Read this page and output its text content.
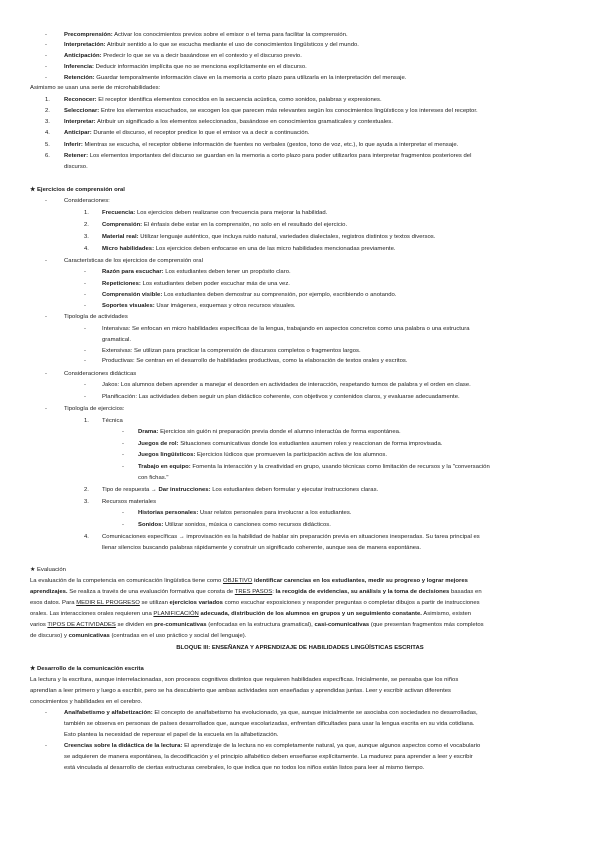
-	Precomprensión: Activar los conocimientos previos sobre el emisor o el tema para facilitar la comprensión.
-	Interpretación: Atribuir sentido a lo que se escucha mediante el uso de conocimientos lingüísticos y del mundo.
-	Anticipación: Predecir lo que se va a decir basándose en el contexto y el discurso previo.
-	Inferencia: Deducir información implícita que no se menciona explícitamente en el discurso.
-	Retención: Guardar temporalmente información clave en la memoria a corto plazo para utilizarla en la interpretación del mensaje.
Asimismo se usan una serie de microhabilidades:
1. Reconocer: El receptor identifica elementos conocidos en la secuencia acústica, como sonidos, palabras y expresiones.
2. Seleccionar: Entre los elementos escuchados, se escogen los que parecen más relevantes según los conocimientos lingüísticos y los intereses del receptor.
3. Interpretar: Atribuir un significado a los elementos seleccionados, basándose en conocimientos gramaticales y contextuales.
4. Anticipar: Durante el discurso, el receptor predice lo que el emisor va a decir a continuación.
5. Inferir: Mientras se escucha, el receptor obtiene información de fuentes no verbales (gestos, tono de voz, etc.), lo que ayuda a interpretar el mensaje.
6. Retener: Los elementos importantes del discurso se guardan en la memoria a corto plazo para poder utilizarlos para interpretar fragmentos posteriores del
discurso.
★ Ejercicios de comprensión oral
-	Consideraciones:
1. Frecuencia: Los ejercicios deben realizarse con frecuencia para mejorar la habilidad.
2. Comprensión: El énfasis debe estar en la comprensión, no solo en el resultado del ejercicio.
3. Material real: Utilizar lenguaje auténtico, que incluya ruido natural, variedades dialectales, registros distintos y textos diversos.
4. Micro habilidades: Los ejercicios deben enfocarse en una de las micro habilidades mencionadas previamente.
-	Características de los ejercicios de comprensión oral
-	Razón para escuchar: Los estudiantes deben tener un propósito claro.
-	Repeticiones: Los estudiantes deben poder escuchar más de una vez.
-	Comprensión visible: Los estudiantes deben demostrar su comprensión, por ejemplo, escribiendo o anotando.
-	Soportes visuales: Usar imágenes, esquemas y otros recursos visuales.
-	Tipología de actividades
-	Intensivas: Se enfocan en micro habilidades específicas de la lengua, trabajando en aspectos concretos como una palabra o una estructura
gramatical.
-	Extensivas: Se utilizan para practicar la comprensión de discursos completos o fragmentos largos.
-	Productivas: Se centran en el desarrollo de habilidades productivas, como la elaboración de textos orales y escritos.
-	Consideraciones didácticas
-	Jakos: Los alumnos deben aprender a manejar el desorden en actividades de interacción, respetando turnos de palabra y el orden en clase.
-	Planificación: Las actividades deben seguir un plan didáctico coherente, con objetivos y contenidos claros, y evaluarse adecuadamente.
-	Tipología de ejercicios:
1. Técnica
- Drama: Ejercicios sin guión ni preparación previa donde el alumno interactúa de forma espontánea.
- Juegos de rol: Situaciones comunicativas donde los estudiantes asumen roles y reaccionan de forma improvisada.
- Juegos lingüísticos: Ejercicios lúdicos que promueven la participación activa de los alumnos.
- Trabajo en equipo: Fomenta la interacción y la creatividad en grupo, usando técnicas como limitación de recursos y la "conversación
con fichas."
2. Tipo de respuesta → Dar instrucciones: Los estudiantes deben formular y ejecutar instrucciones claras.
3. Recursos materiales
- Historias personales: Usar relatos personales para involucrar a los estudiantes.
- Sonidos: Utilizar sonidos, música o canciones como recursos didácticos.
4. Comunicaciones específicas → improvisación es la habilidad de hablar sin preparación previa en situaciones inesperadas. Su tarea principal es
llenar silencios buscando palabras rápidamente y construir un significado coherente, aunque sea de manera espontánea.
★ Evaluación
La evaluación de la competencia en comunicación lingüística tiene como OBJETIVO identificar carencias en los estudiantes, medir su progreso y lograr mejores
aprendizajes. Se realiza a través de una evaluación formativa que consta de TRES PASOS: la recogida de evidencias, su análisis y la toma de decisiones basadas en
esos datos. Para MEDIR EL PROGRESO se utilizan ejercicios variados como escuchar exposiciones y responder preguntas o completar dibujos a partir de instrucciones
orales. Las interacciones orales requieren una PLANIFICACIÓN adecuada, distribución de los alumnos en grupos y un seguimiento constante. Asimismo, existen
varios TIPOS DE ACTIVIDADES se dividen en pre-comunicativas (enfocadas en la estructura gramatical), casi-comunicativas (que presentan fragmentos más completos
de discurso) y comunicativas (centradas en el uso práctico y social del lenguaje).
BLOQUE III: ENSEÑANZA Y APRENDIZAJE DE HABILIDADES LINGÜÍSTICAS ESCRITAS
★ Desarrollo de la comunicación escrita
La lectura y la escritura, aunque interrelacionadas, son procesos cognitivos distintos que requieren habilidades específicas. Inicialmente, se pensaba que los niños
aprendían a leer primero y luego a escribir, pero se ha descubierto que ambas actividades son enseñadas y aprendidas juntas. Leer y escribir activan diferentes
conocimientos y habilidades en el cerebro.
-	Analfabetismo y alfabetización: El concepto de analfabetismo ha evolucionado, ya que, aunque inicialmente se asociaba con sociedades no desarrolladas,
también se observa en personas de países desarrollados que, aunque escolarizadas, enfrentan dificultades para usar la lengua escrita en su vida cotidiana.
Esto plantea la necesidad de repensar el papel de la escuela en la alfabetización.
-	Creencias sobre la didáctica de la lectura: El aprendizaje de la lectura no es completamente natural, ya que, aunque algunos aspectos como el vocabulario
se adquieren de manera espontánea, la decodificación y el principio alfabético deben enseñarse explícitamente. La madurez para aprender a leer y escribir
está vinculada al desarrollo de ciertas estructuras cerebrales, lo que indica que no todos los niños están listos para leer al mismo tiempo.
